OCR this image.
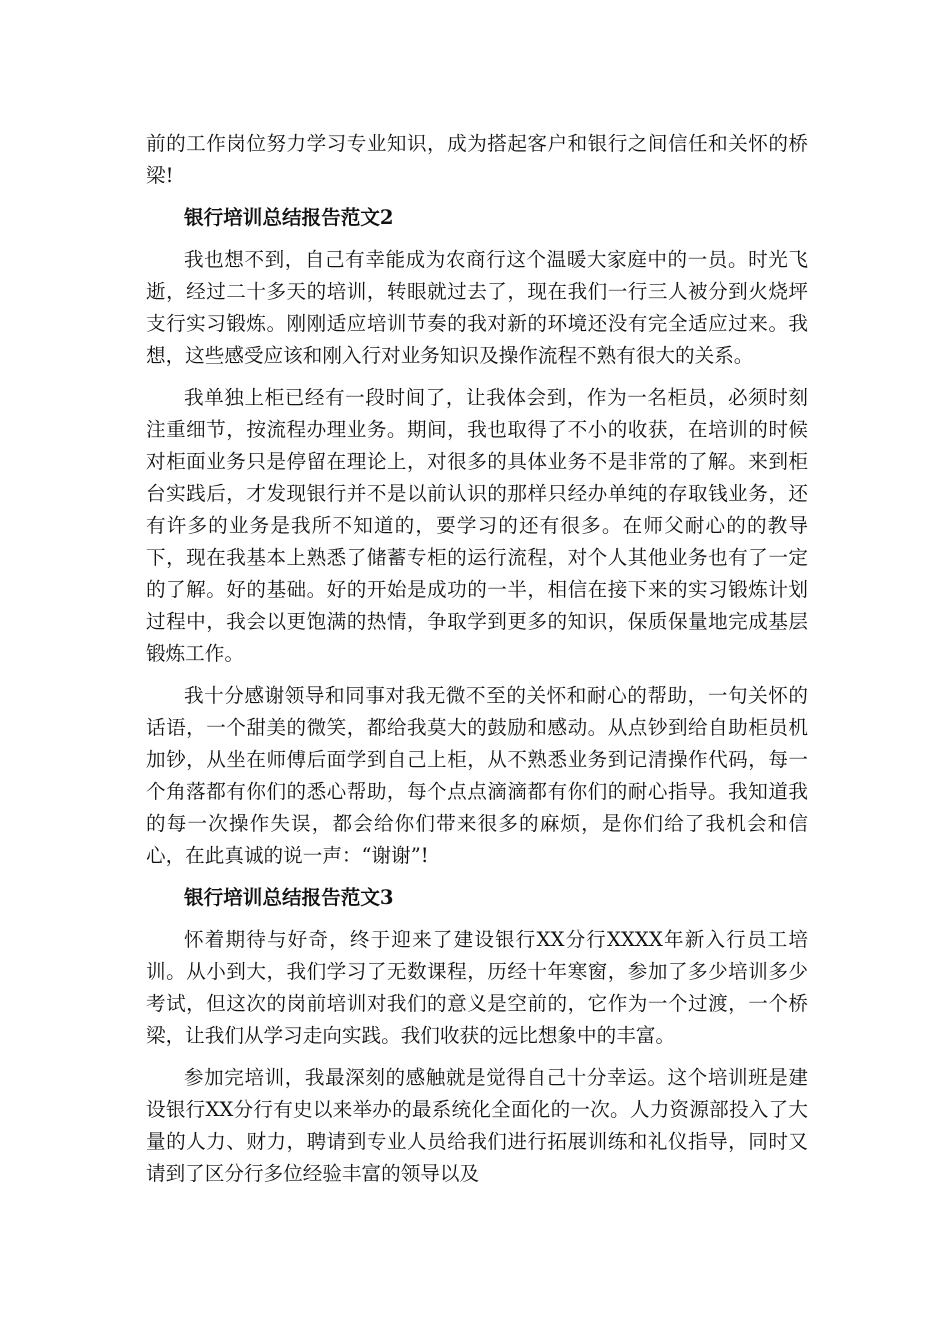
前的工作岗位努力学习专业知识，成为搭起客户和银行之间信任和关怀的桥梁!

银行培训总结报告范文2

我也想不到，自己有幸能成为农商行这个温暖大家庭中的一员。时光飞逝，经过二十多天的培训，转眼就过去了，现在我们一行三人被分到火烧坪支行实习锻炼。刚刚适应培训节奏的我对新的环境还没有完全适应过来。我想，这些感受应该和刚入行对业务知识及操作流程不熟有很大的关系。

我单独上柜已经有一段时间了，让我体会到，作为一名柜员，必须时刻注重细节，按流程办理业务。期间，我也取得了不小的收获，在培训的时候对柜面业务只是停留在理论上，对很多的具体业务不是非常的了解。来到柜台实践后，才发现银行并不是以前认识的那样只经办单纯的存取钱业务，还有许多的业务是我所不知道的，要学习的还有很多。在师父耐心的的教导下，现在我基本上熟悉了储蓄专柜的运行流程，对个人其他业务也有了一定的了解。好的基础。好的开始是成功的一半，相信在接下来的实习锻炼计划过程中，我会以更饱满的热情，争取学到更多的知识，保质保量地完成基层锻炼工作。

我十分感谢领导和同事对我无微不至的关怀和耐心的帮助，一句关怀的话语，一个甜美的微笑，都给我莫大的鼓励和感动。从点钞到给自助柜员机加钞，从坐在师傅后面学到自己上柜，从不熟悉业务到记清操作代码，每一个角落都有你们的悉心帮助，每个点点滴滴都有你们的耐心指导。我知道我的每一次操作失误，都会给你们带来很多的麻烦，是你们给了我机会和信心，在此真诚的说一声：“谢谢”!

银行培训总结报告范文3

怀着期待与好奇，终于迎来了建设银行XX分行XXXX年新入行员工培训。从小到大，我们学习了无数课程，历经十年寒窗，参加了多少培训多少考试，但这次的岗前培训对我们的意义是空前的，它作为一个过渡，一个桥梁，让我们从学习走向实践。我们收获的远比想象中的丰富。

参加完培训，我最深刻的感触就是觉得自己十分幸运。这个培训班是建设银行XX分行有史以来举办的最系统化全面化的一次。人力资源部投入了大量的人力、财力，聘请到专业人员给我们进行拓展训练和礼仪指导，同时又请到了区分行多位经验丰富的领导以及
